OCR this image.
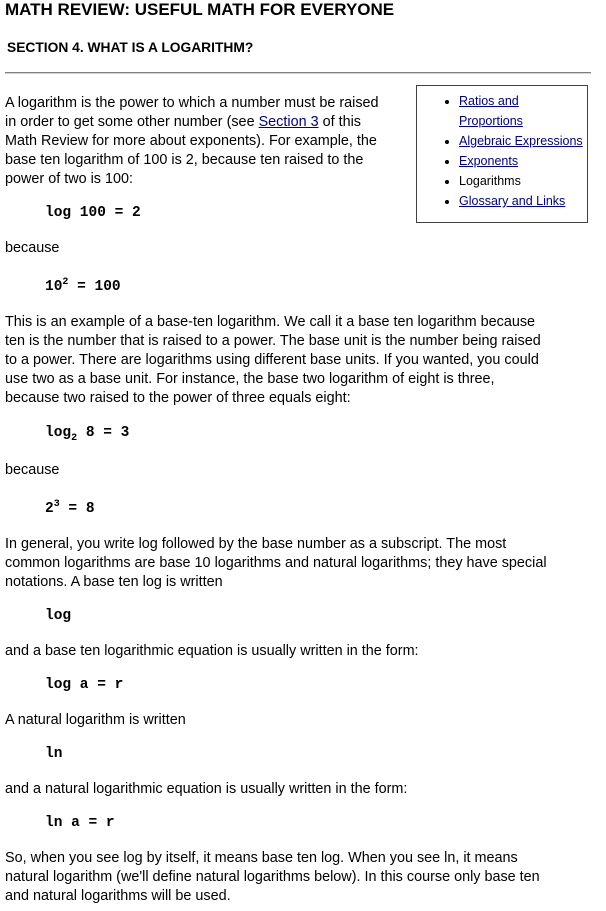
MATH REVIEW: USEFUL MATH FOR EVERYONE
SECTION 4. WHAT IS A LOGARITHM?
• Ratios and
Proportions
• Algebraic Expressions
• Exponents
• Logarithms
• Glossary and Links

A logarithm is the power to which a number must be raised
in order to get some other number (see Section 3 of this
Math Review for more about exponents). For example, the
base ten logarithm of 100 is 2, because ten raised to the
power of two is 100:

log 100 = 2

because

$10^2 = 100$

This is an example of a base-ten logarithm. We call it a base ten logarithm because
ten is the number that is raised to a power. The base unit is the number being raised
to a power. There are logarithms using different base units. If you wanted, you could
use two as a base unit. For instance, the base two logarithm of eight is three,
because two raised to the power of three equals eight:

$\log_2 8 = 3$

because

$2^3 = 8$

In general, you write log followed by the base number as a subscript. The most
common logarithms are base 10 logarithms and natural logarithms; they have special
notations. A base ten log is written

log

and a base ten logarithmic equation is usually written in the form:

log a = r

A natural logarithm is written

ln

and a natural logarithmic equation is usually written in the form:

ln a = r

So, when you see log by itself, it means base ten log. When you see ln, it means
natural logarithm (we'll define natural logarithms below). In this course only base ten
and natural logarithms will be used.
